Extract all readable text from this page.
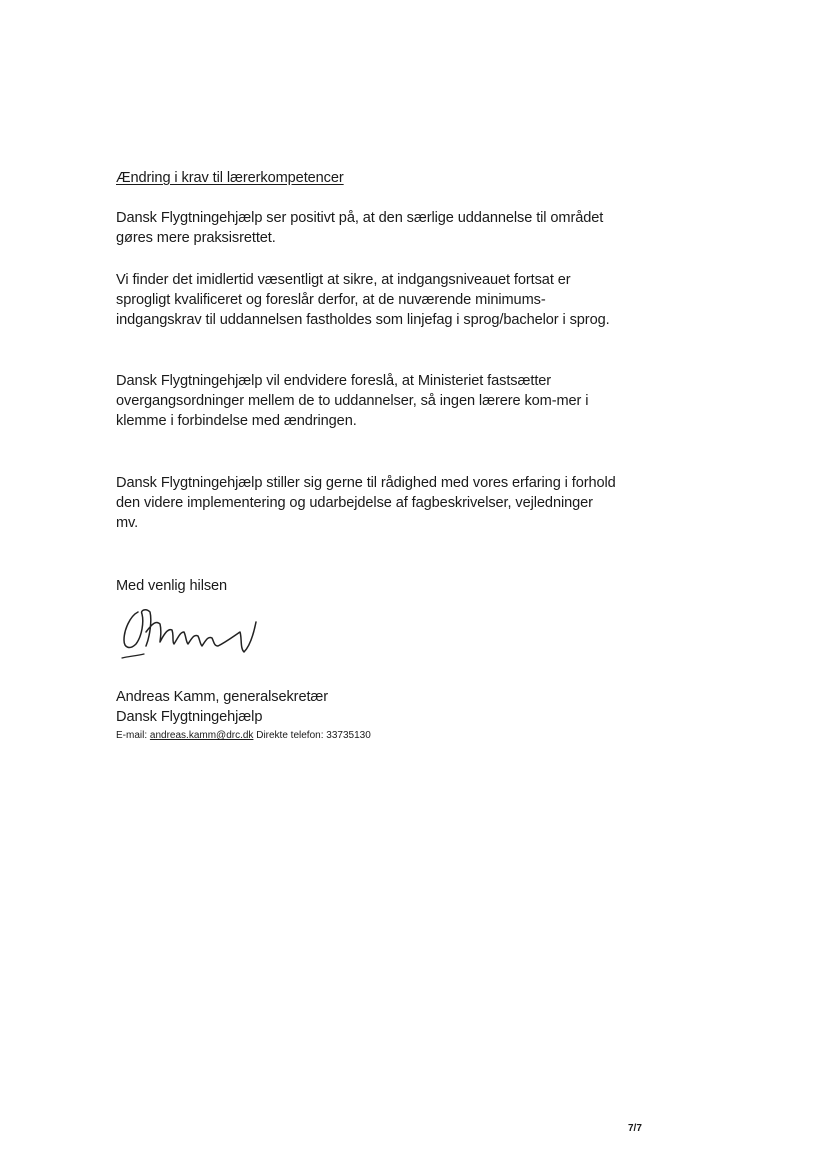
Ændring i krav til lærerkompetencer
Dansk Flygtningehjælp ser positivt på, at den særlige uddannelse til området gøres mere praksisrettet.
Vi finder det imidlertid væsentligt at sikre, at indgangsniveauet fortsat er sprogligt kvalificeret og foreslår derfor, at de nuværende minimums-indgangskrav til uddannelsen fastholdes som linjefag i sprog/bachelor i sprog.
Dansk Flygtningehjælp vil endvidere foreslå, at Ministeriet fastsætter overgangsordninger mellem de to uddannelser, så ingen lærere kom-mer i klemme i forbindelse med ændringen.
Dansk Flygtningehjælp stiller sig gerne til rådighed med vores erfaring i forhold den videre implementering og udarbejdelse af fagbeskrivelser, vejledninger mv.
Med venlig hilsen
Andreas Kamm, generalsekretær
Dansk Flygtningehjælp
E-mail: andreas.kamm@drc.dk Direkte telefon: 33735130
7/7
